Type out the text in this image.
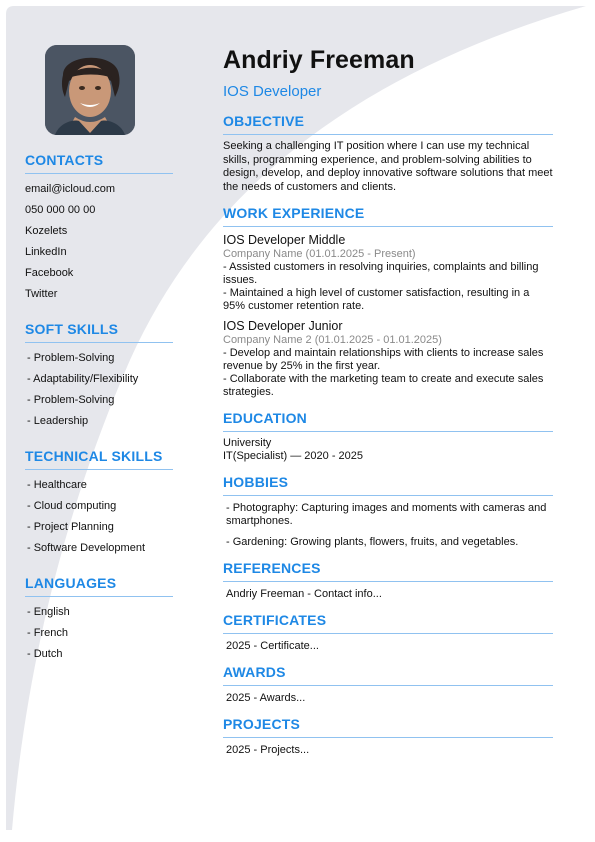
CONTACTS
email@icloud.com
050 000 00 00
Kozelets
LinkedIn
Facebook
Twitter
SOFT SKILLS
- Problem-Solving
- Adaptability/Flexibility
- Problem-Solving
- Leadership
TECHNICAL SKILLS
- Healthcare
- Cloud computing
- Project Planning
- Software Development
LANGUAGES
- English
- French
- Dutch
Andriy Freeman
IOS Developer
OBJECTIVE
Seeking a challenging IT position where I can use my technical skills, programming experience, and problem-solving abilities to design, develop, and deploy innovative software solutions that meet the needs of customers and clients.
WORK EXPERIENCE
IOS Developer Middle
Company Name (01.01.2025 - Present)
- Assisted customers in resolving inquiries, complaints and billing issues.
- Maintained a high level of customer satisfaction, resulting in a 95% customer retention rate.
IOS Developer Junior
Company Name 2 (01.01.2025 - 01.01.2025)
- Develop and maintain relationships with clients to increase sales revenue by 25% in the first year.
- Collaborate with the marketing team to create and execute sales strategies.
EDUCATION
University
IT(Specialist) — 2020 - 2025
HOBBIES
- Photography: Capturing images and moments with cameras and smartphones.
- Gardening: Growing plants, flowers, fruits, and vegetables.
REFERENCES
Andriy Freeman - Contact info...
CERTIFICATES
2025 - Certificate...
AWARDS
2025 - Awards...
PROJECTS
2025 - Projects...
